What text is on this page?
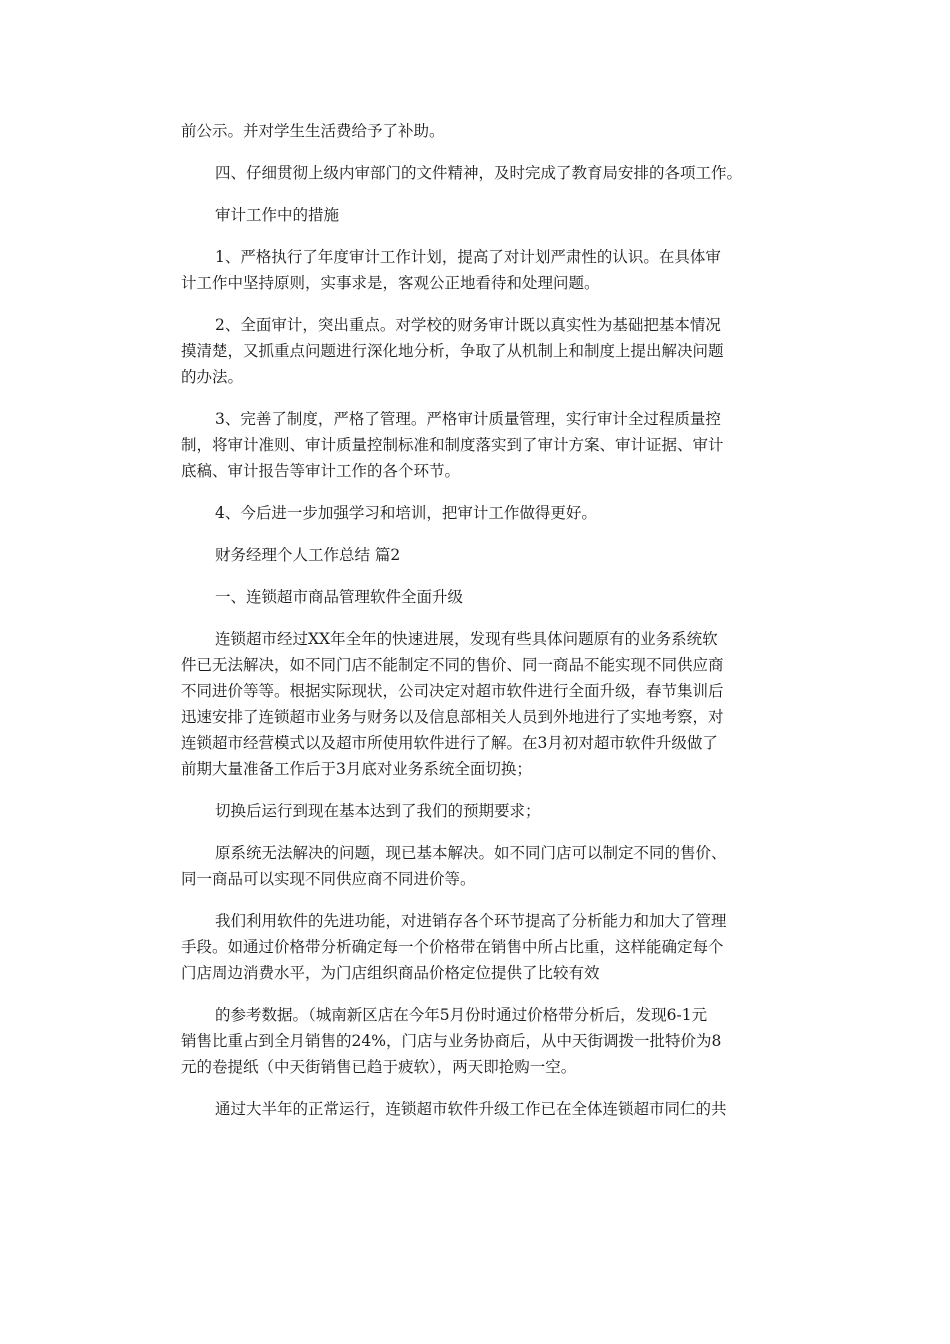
前公示。并对学生生活费给予了补助。
四、仔细贯彻上级内审部门的文件精神，及时完成了教育局安排的各项工作。
审计工作中的措施
1、严格执行了年度审计工作计划，提高了对计划严肃性的认识。在具体审
计工作中坚持原则，实事求是，客观公正地看待和处理问题。
2、全面审计，突出重点。对学校的财务审计既以真实性为基础把基本情况
摸清楚，又抓重点问题进行深化地分析，争取了从机制上和制度上提出解决问题
的办法。
3、完善了制度，严格了管理。严格审计质量管理，实行审计全过程质量控
制，将审计准则、审计质量控制标准和制度落实到了审计方案、审计证据、审计
底稿、审计报告等审计工作的各个环节。
4、今后进一步加强学习和培训，把审计工作做得更好。
财务经理个人工作总结 篇2
一、连锁超市商品管理软件全面升级
连锁超市经过XX年全年的快速进展，发现有些具体问题原有的业务系统软
件已无法解决，如不同门店不能制定不同的售价、同一商品不能实现不同供应商
不同进价等等。根据实际现状，公司决定对超市软件进行全面升级，春节集训后
迅速安排了连锁超市业务与财务以及信息部相关人员到外地进行了实地考察，对
连锁超市经营模式以及超市所使用软件进行了解。在3月初对超市软件升级做了
前期大量准备工作后于3月底对业务系统全面切换；
切换后运行到现在基本达到了我们的预期要求；
原系统无法解决的问题，现已基本解决。如不同门店可以制定不同的售价、
同一商品可以实现不同供应商不同进价等。
我们利用软件的先进功能，对进销存各个环节提高了分析能力和加大了管理
手段。如通过价格带分析确定每一个价格带在销售中所占比重，这样能确定每个
门店周边消费水平，为门店组织商品价格定位提供了比较有效
的参考数据。（城南新区店在今年5月份时通过价格带分析后，发现6-1元
销售比重占到全月销售的24%，门店与业务协商后，从中天街调拨一批特价为8
元的卷提纸（中天街销售已趋于疲软），两天即抢购一空。
通过大半年的正常运行，连锁超市软件升级工作已在全体连锁超市同仁的共
